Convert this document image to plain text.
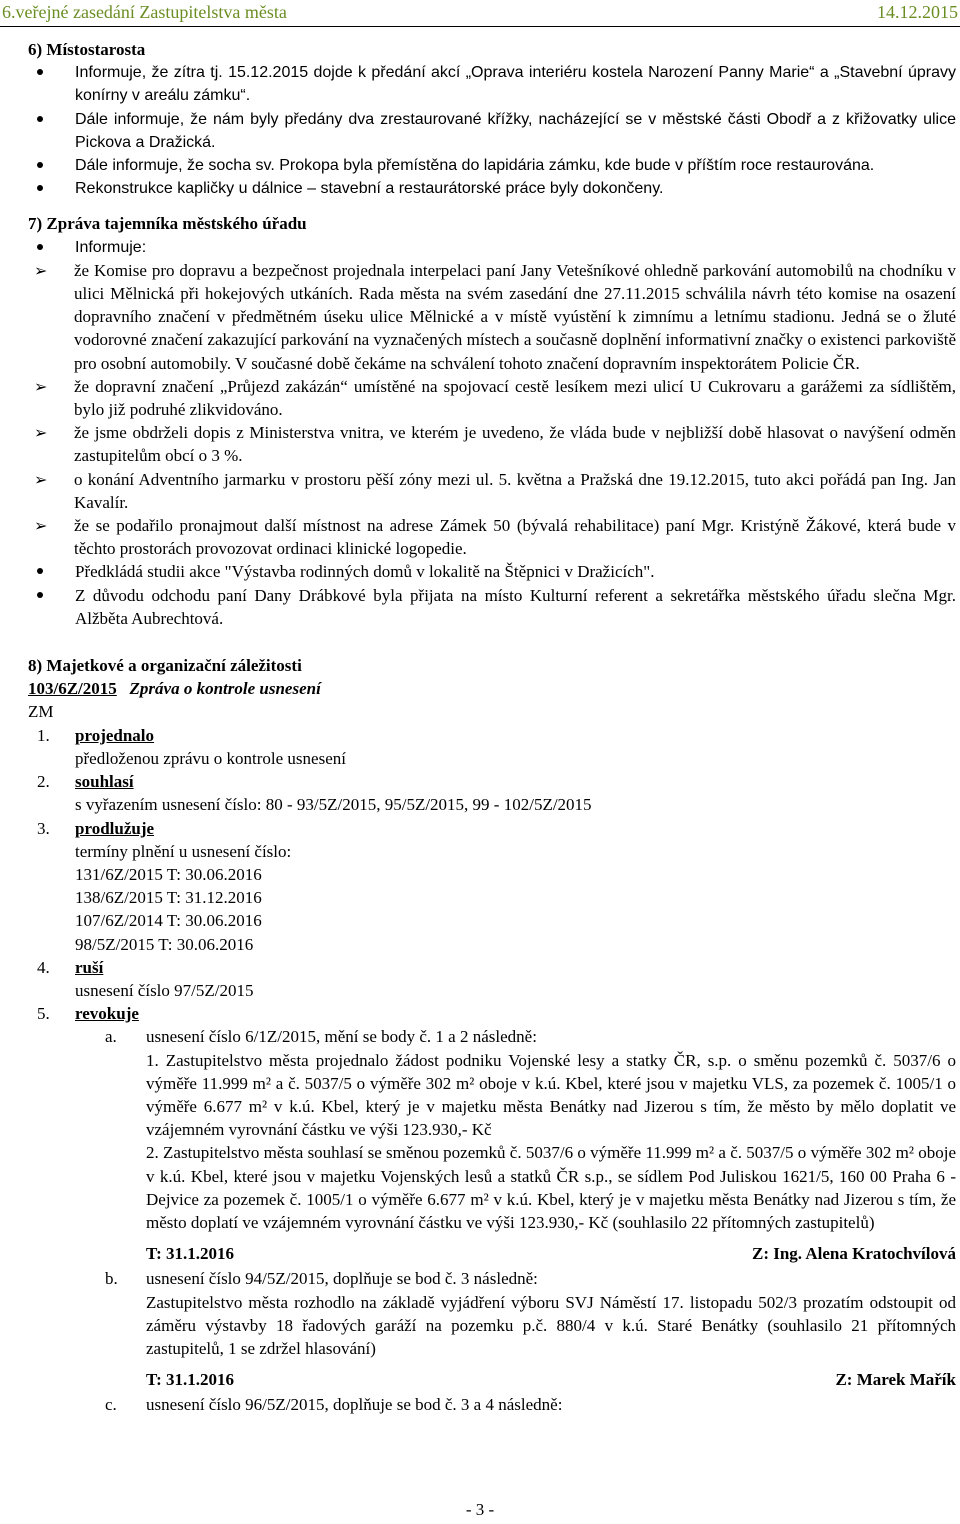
6.veřejné zasedání Zastupitelstva města	14.12.2015
6) Místostarosta
Informuje, že zítra tj. 15.12.2015 dojde k předání akcí „Oprava interiéru kostela Narození Panny Marie“ a „Stavební úpravy konírny v areálu zámku“.
Dále informuje, že nám byly předány dva zrestaurované křížky, nacházející se v městské části Obodř a z křižovatky ulice Pickova a Dražická.
Dále informuje, že socha sv. Prokopa byla přemístěna do lapidária zámku, kde bude v příštím roce restaurována.
Rekonstrukce kapličky u dálnice – stavební a restaurátorské práce byly dokončeny.
7) Zpráva tajemníka městského úřadu
Informuje:
➢ že Komise pro dopravu a bezpečnost projednala interpelaci paní Jany Vetešníkové ohledně parkování automobilů na chodníku v ulici Mělnická při hokejových utkáních. Rada města na svém zasedání dne 27.11.2015 schválila návrh této komise na osazení dopravního značení v předmětném úseku ulice Mělnické a v místě vyústění k zimnímu a letnímu stadionu. Jedná se o žluté vodorovné značení zakazující parkování na vyznačených místech a současně doplnění informativní značky o existenci parkoviště pro osobní automobily. V současné době čekáme na schválení tohoto značení dopravním inspektorátem Policie ČR.
➢ že dopravní značení „Průjezd zakázán“ umístěné na spojovací cestě lesíkem mezi ulicí U Cukrovaru a garážemi za sídlištěm, bylo již podruhé zlikvidováno.
➢ že jsme obdrželi dopis z Ministerstva vnitra, ve kterém je uvedeno, že vláda bude v nejbližší době hlasovat o navýšení odměn zastupitelům obcí o 3 %.
➢ o konání Adventního jarmarku v prostoru pěší zóny mezi ul. 5. května a Pražská dne 19.12.2015, tuto akci pořádá pan Ing. Jan Kavalír.
➢ že se podařilo pronajmout další místnost na adrese Zámek 50 (bývalá rehabilitace) paní Mgr. Kristýně Žákové, která bude v těchto prostorách provozovat ordinaci klinické logopedie.
Předkládá studii akce "Výstavba rodinných domů v lokalitě na Štěpnici v Dražicích".
Z důvodu odchodu paní Dany Drábkové byla přijata na místo Kulturní referent a sekretářka městského úřadu slečna Mgr. Alžběta Aubrechtová.
8) Majetkové a organizační záležitosti
103/6Z/2015 Zpráva o kontrole usnesení
ZM
1. projednalo
předloženou zprávu o kontrole usnesení
2. souhlasí
s vyřazením usnesení číslo: 80 - 93/5Z/2015, 95/5Z/2015, 99 - 102/5Z/2015
3. prodlužuje
termíny plnění u usnesení číslo:
131/6Z/2015 T: 30.06.2016
138/6Z/2015 T: 31.12.2016
107/6Z/2014 T: 30.06.2016
98/5Z/2015 T: 30.06.2016
4. ruší
usnesení číslo 97/5Z/2015
5. revokuje
a. usnesení číslo 6/1Z/2015, mění se body č. 1 a 2 následně:
1. Zastupitelstvo města projednalo žádost podniku Vojenské lesy a statky ČR, s.p. o směnu pozemků č. 5037/6 o výměře 11.999 m² a č. 5037/5 o výměře 302 m² oboje v k.ú. Kbel, které jsou v majetku VLS, za pozemek č. 1005/1 o výměře 6.677 m² v k.ú. Kbel, který je v majetku města Benátky nad Jizerou s tím, že město by mělo doplatit ve vzájemném vyrovnání částku ve výši 123.930,- Kč
2. Zastupitelstvo města souhlasí se směnou pozemků č. 5037/6 o výměře 11.999 m² a č. 5037/5 o výměře 302 m² oboje v k.ú. Kbel, které jsou v majetku Vojenských lesů a statků ČR s.p., se sídlem Pod Juliskou 1621/5, 160 00 Praha 6 - Dejvice za pozemek č. 1005/1 o výměře 6.677 m² v k.ú. Kbel, který je v majetku města Benátky nad Jizerou s tím, že město doplatí ve vzájemném vyrovnání částku ve výši 123.930,- Kč (souhlasilo 22 přítomných zastupitelů)
T: 31.1.2016	Z: Ing. Alena Kratochvílová
b. usnesení číslo 94/5Z/2015, doplňuje se bod č. 3 následně:
Zastupitelstvo města rozhodlo na základě vyjádření výboru SVJ Náměstí 17. listopadu 502/3 prozatím odstoupit od záměru výstavby 18 řadových garáží na pozemku p.č. 880/4 v k.ú. Staré Benátky (souhlasilo 21 přítomných zastupitelů, 1 se zdržel hlasování)
T: 31.1.2016	Z: Marek Mařík
c. usnesení číslo 96/5Z/2015, doplňuje se bod č. 3 a 4 následně:
- 3 -
